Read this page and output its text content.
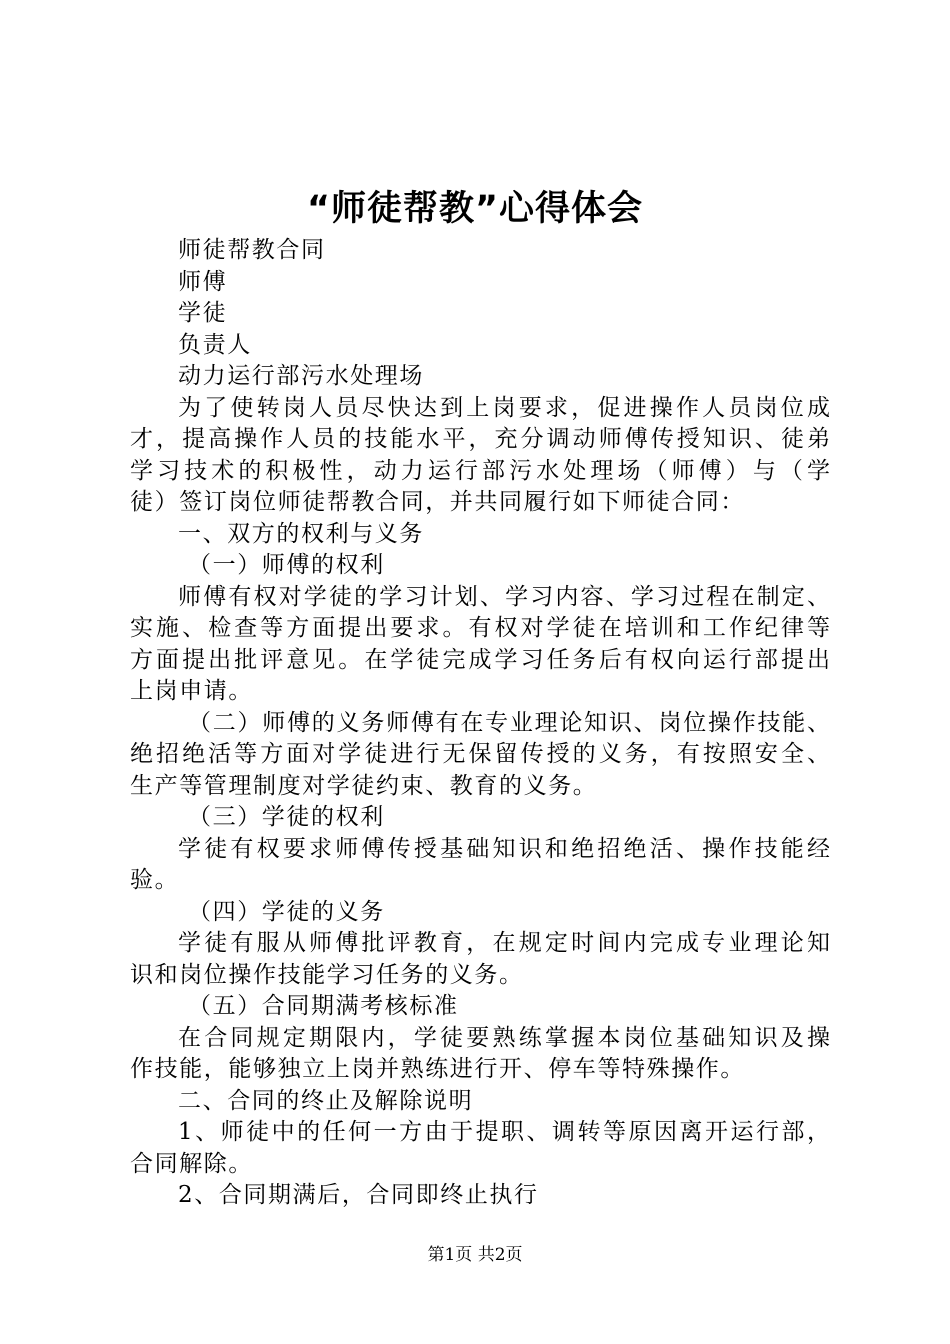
“师徒帮教”心得体会

师徒帮教合同

师傅

学徒

负责人

动力运行部污水处理场

为了使转岗人员尽快达到上岗要求，促进操作人员岗位成

才，提高操作人员的技能水平，充分调动师傅传授知识、徒弟

学习技术的积极性，动力运行部污水处理场（师傅）与（学

徒）签订岗位师徒帮教合同，并共同履行如下师徒合同：

一、双方的权利与义务

（一）师傅的权利

师傅有权对学徒的学习计划、学习内容、学习过程在制定、

实施、检查等方面提出要求。有权对学徒在培训和工作纪律等

方面提出批评意见。在学徒完成学习任务后有权向运行部提出

上岗申请。

（二）师傅的义务师傅有在专业理论知识、岗位操作技能、

绝招绝活等方面对学徒进行无保留传授的义务，有按照安全、

生产等管理制度对学徒约束、教育的义务。

（三）学徒的权利

学徒有权要求师傅传授基础知识和绝招绝活、操作技能经

验。

（四）学徒的义务

学徒有服从师傅批评教育，在规定时间内完成专业理论知

识和岗位操作技能学习任务的义务。

（五）合同期满考核标准

在合同规定期限内，学徒要熟练掌握本岗位基础知识及操

作技能，能够独立上岗并熟练进行开、停车等特殊操作。

二、合同的终止及解除说明

1、师徒中的任何一方由于提职、调转等原因离开运行部，

合同解除。

2、合同期满后，合同即终止执行

第1页 共2页
